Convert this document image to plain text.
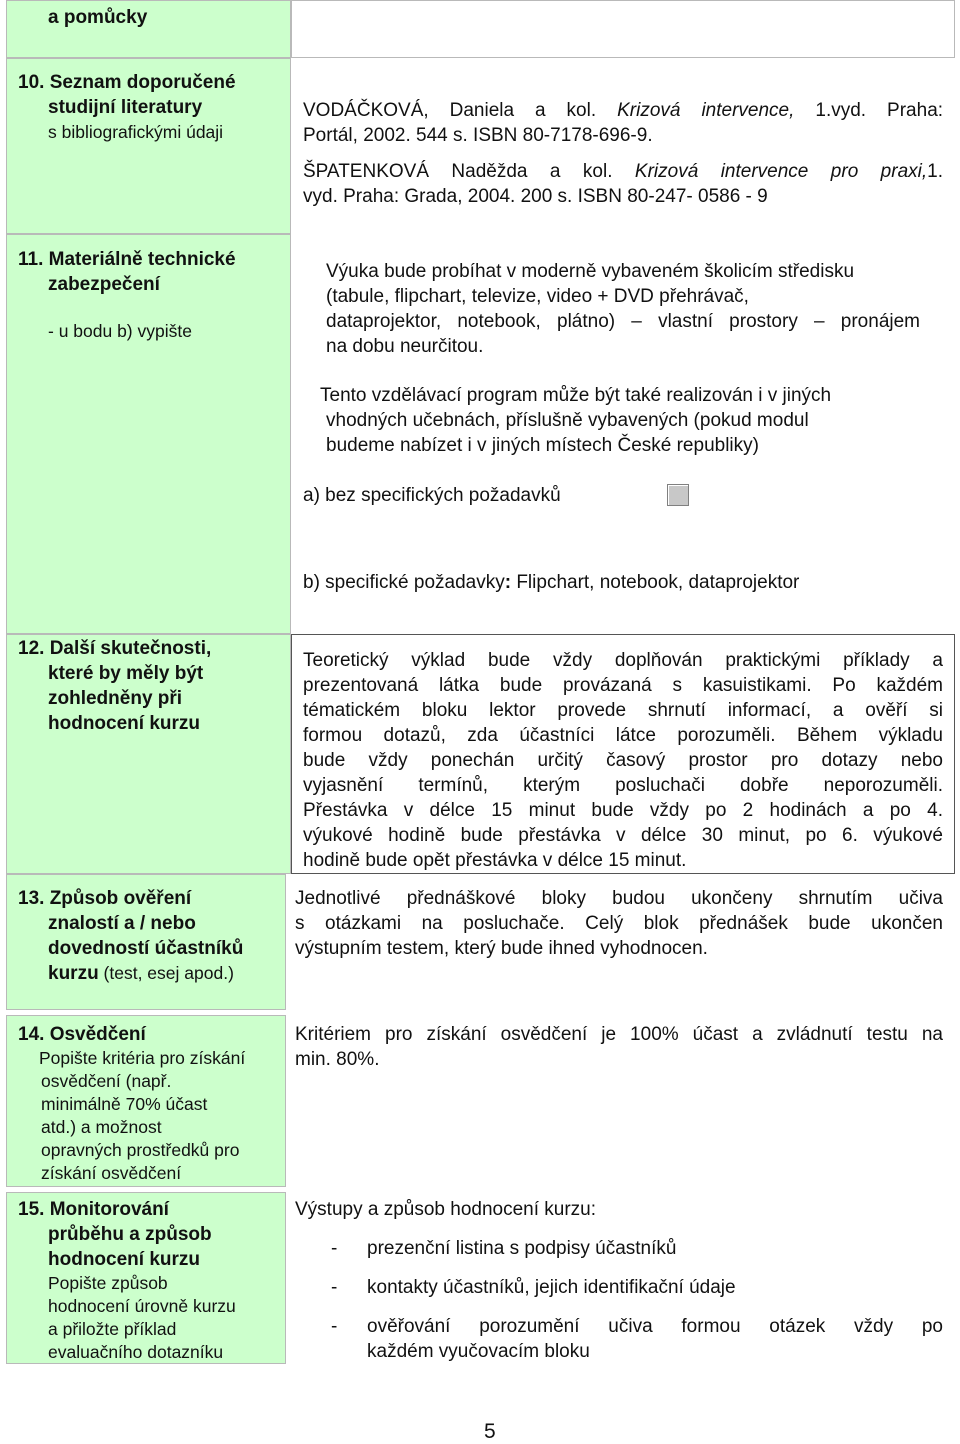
a pomůcky
10. Seznam doporučené
studijní literatury
s bibliografickými údaji
VODÁČKOVÁ, Daniela a kol. Krizová intervence, 1.vyd. Praha:
Portál, 2002. 544 s. ISBN 80-7178-696-9.
ŠPATENKOVÁ Naděžda a kol. Krizová intervence pro praxi,1.
vyd. Praha: Grada, 2004. 200 s. ISBN 80-247- 0586 - 9
11. Materiálně technické
zabezpečení
- u bodu b) vypište
Výuka bude probíhat v moderně vybaveném školicím středisku
(tabule, flipchart, televize, video + DVD přehrávač,
dataprojektor, notebook, plátno) – vlastní prostory – pronájem
na dobu neurčitou.
Tento vzdělávací program může být také realizován i v jiných
vhodných učebnách, příslušně vybavených (pokud modul
budeme nabízet i v jiných místech České republiky)
a) bez specifických požadavků
b) specifické požadavky: Flipchart, notebook, dataprojektor
12. Další skutečnosti,
které by měly být
zohledněny při
hodnocení kurzu
Teoretický výklad bude vždy doplňován praktickými příklady a
prezentovaná látka bude provázaná s kasuistikami. Po každém
tématickém bloku lektor provede shrnutí informací, a ověří si
formou dotazů, zda účastníci látce porozuměli. Během výkladu
bude vždy ponechán určitý časový prostor pro dotazy nebo
vyjasnění termínů, kterým posluchači dobře neporozuměli.
Přestávka v délce 15 minut bude vždy po 2 hodinách a po 4.
výukové hodině bude přestávka v délce 30 minut, po 6. výukové
hodině bude opět přestávka v délce 15 minut.
13. Způsob ověření
znalostí a / nebo
dovedností účastníků
kurzu (test, esej apod.)
Jednotlivé přednáškové bloky budou ukončeny shrnutím učiva
s otázkami na posluchače. Celý blok přednášek bude ukončen
výstupním testem, který bude ihned vyhodnocen.
14. Osvědčení
Popište kritéria pro získání
osvědčení (např.
minimálně 70% účast
atd.) a možnost
opravných prostředků pro
získání osvědčení
Kritériem pro získání osvědčení je 100% účast a zvládnutí testu na
min. 80%.
15. Monitorování
průběhu a způsob
hodnocení kurzu
Popište způsob
hodnocení úrovně kurzu
a přiložte příklad
evaluačního dotazníku
Výstupy a způsob hodnocení kurzu:
- prezenční listina s podpisy účastníků
- kontakty účastníků, jejich identifikační údaje
- ověřování porozumění učiva formou otázek vždy po
každém vyučovacím bloku
5
